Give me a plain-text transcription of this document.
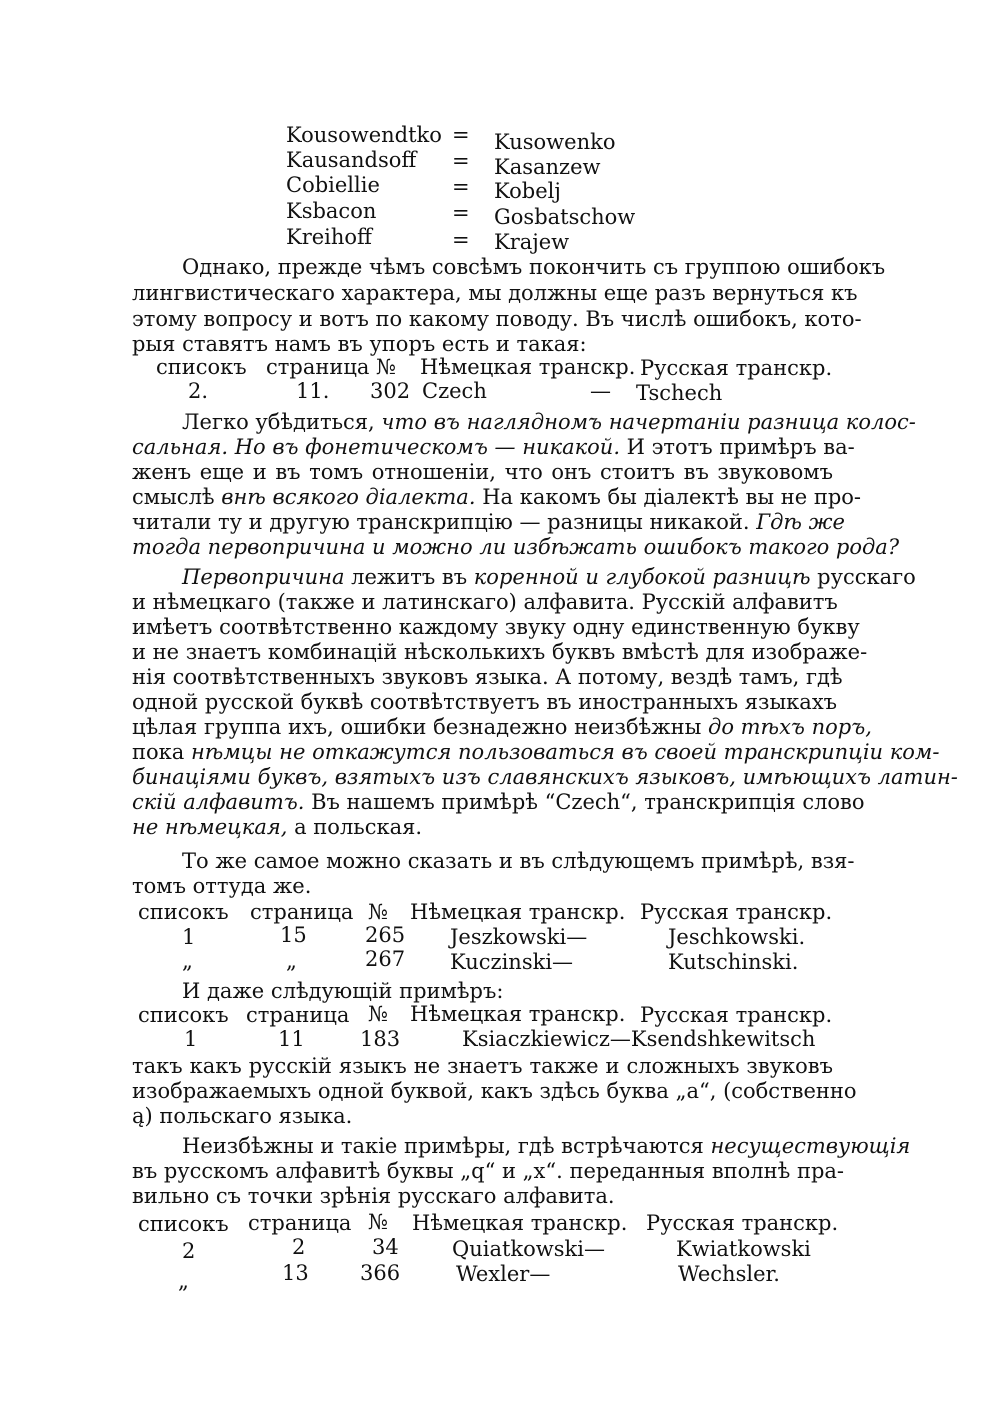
Kousowendtko = Kusowenko
Kausandsoff = Kasanzew
Cobiellie	= Kobelj
Ksbacon	= Gosbatschow
Kreihoff	= Krajew
Однако, прежде чѣмъ совсѣмъ покончить съ группою ошибокъ
лингвистическаго характера, мы должны еще разъ вернуться къ
этому вопросу и вотъ по какому поводу. Въ числѣ ошибокъ, кото-
рыя ставятъ намъ въ упоръ есть и такая:
списокъ страница № Нѣмецкая транскр. Русская транскр.
2.	11. 302 Czech	— Tschech
Легко убѣдиться, что въ наглядномъ начертаніи разница колос-
сальная. Но въ фонетическомъ — никакой. И этотъ примѣръ ва-
женъ еще и въ томъ отношеніи, что онъ стоитъ въ звуковомъ
смыслѣ внѣ всякого діалекта. На какомъ бы діалектѣ вы не про-
читали ту и другую транскрипцію — разницы никакой. Гдѣ же
тогда первопричина и можно ли избѣжать ошибокъ такого рода?
Первопричина лежитъ въ коренной и глубокой разницѣ русскаго
и нѣмецкаго (также и латинскаго) алфавита. Русскій алфавитъ
имѣетъ соотвѣтственно каждому звуку одну единственную букву
и не знаетъ комбинацій нѣсколькихъ буквъ вмѣстѣ для изображе-
нія соотвѣтственныхъ звуковъ языка. А потому, вездѣ тамъ, гдѣ
одной русской буквѣ соотвѣтствуетъ въ иностранныхъ языкахъ
цѣлая группа ихъ, ошибки безнадежно неизбѣжны до тѣхъ поръ,
пока нѣмцы не откажутся пользоваться въ своей транскрипціи ком-
бинаціями буквъ, взятыхъ изъ славянскихъ языковъ, имѣющихъ латин-
скій алфавитъ. Въ нашемъ примѣрѣ “Czech“, транскрипція слово
не нѣмецкая, а польская.
То же самое можно сказать и въ слѣдующемъ примѣрѣ, взя-
томъ оттуда же.
списокъ страница № Нѣмецкая транскр. Русская транскр.
1	15	265 Jeszkowski—	Jeschkowski.
„	„	267 Kuczinski—	Kutschinski.
И даже слѣдующій примѣръ:
списокъ страница № Нѣмецкая транскр. Русская транскр.
1	11	183	Ksiaczkiewicz—Ksendshkewitsch
такъ какъ русскій языкъ не знаетъ также и сложныхъ звуковъ
изображаемыхъ одной буквой, какъ здѣсь буква „а“, (собственно
ą) польскаго языка.
Неизбѣжны и такіе примѣры, гдѣ встрѣчаются несуществующія
въ русскомъ алфавитѣ буквы „q“ и „x“. переданныя вполнѣ пра-
вильно съ точки зрѣнія русскаго алфавита.
списокъ страница № Нѣмецкая транскр. Русская транскр.
2	2	34	Quiatkowski—	Kwiatkowski
„	13 366	Wexler—	Wechsler.
